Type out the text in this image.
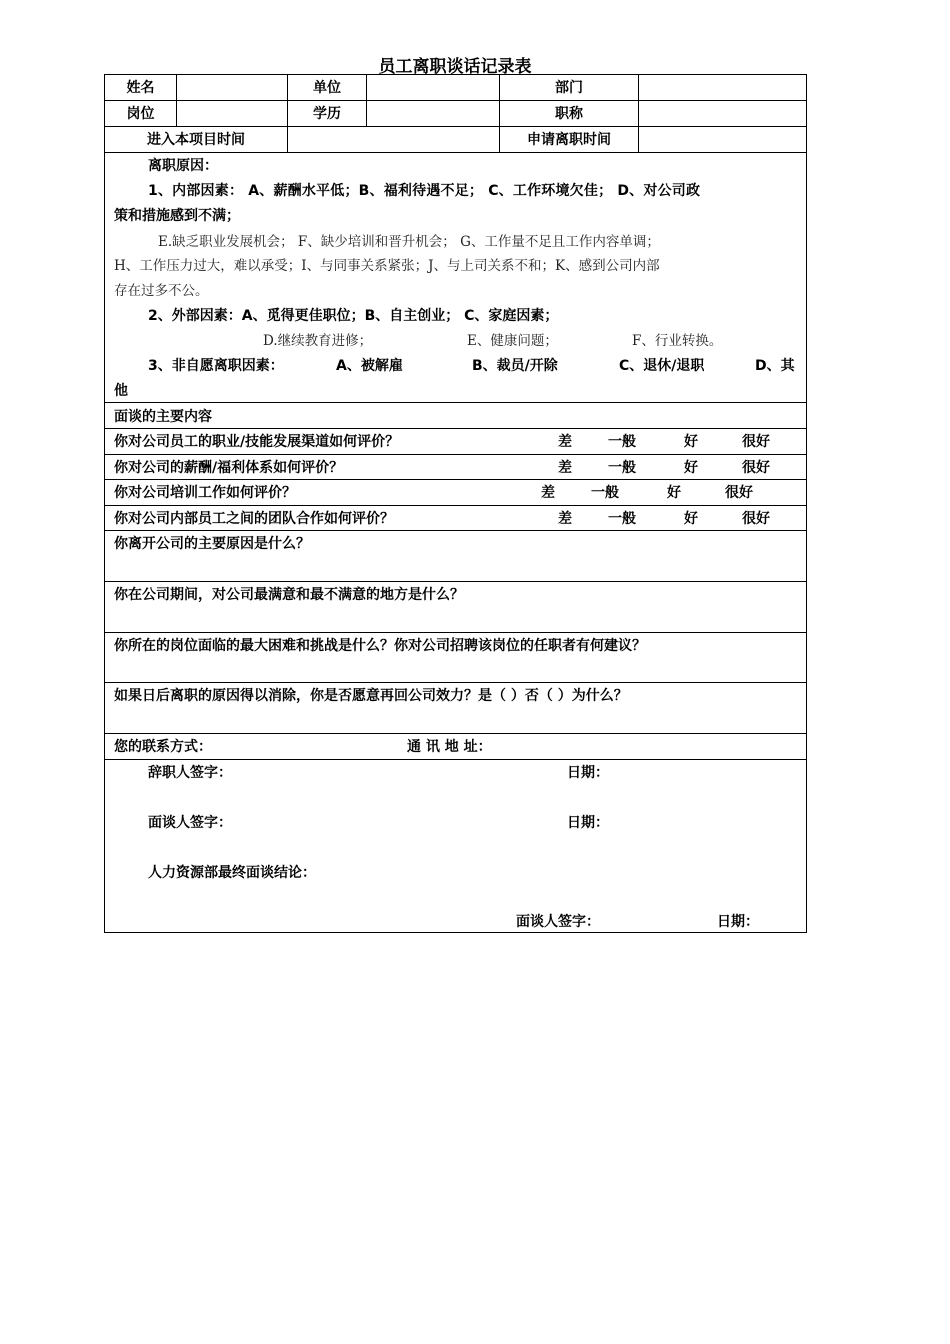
员工离职谈话记录表
姓名	单位	部门
岗位	学历	职称
进入本项目时间	申请离职时间
离职原因：
1、内部因素： A、薪酬水平低；B、福利待遇不足； C、工作环境欠佳； D、对公司政
策和措施感到不满；
E.缺乏职业发展机会； F、缺少培训和晋升机会； G、工作量不足且工作内容单调；
H、工作压力过大，难以承受；I、与同事关系紧张；J、与上司关系不和；K、感到公司内部
存在过多不公。
2、外部因素：A、觅得更佳职位；B、自主创业； C、家庭因素；
D.继续教育进修；	E、健康问题；	F、行业转换。
3、非自愿离职因素：	A、被解雇	B、裁员/开除	C、退休/退职	D、其
他
面谈的主要内容
你对公司员工的职业/技能发展渠道如何评价？	差	一般	好	很好
你对公司的薪酬/福利体系如何评价？	差	一般	好	很好
你对公司培训工作如何评价？	差	一般	好	很好
你对公司内部员工之间的团队合作如何评价？	差	一般	好	很好
你离开公司的主要原因是什么？
你在公司期间，对公司最满意和最不满意的地方是什么？
你所在的岗位面临的最大困难和挑战是什么？你对公司招聘该岗位的任职者有何建议？
如果日后离职的原因得以消除，你是否愿意再回公司效力？是（ ）否（ ）为什么？
您的联系方式：	通 讯 地 址：
辞职人签字：	日期：
面谈人签字：	日期：
人力资源部最终面谈结论：
面谈人签字：	日期：
